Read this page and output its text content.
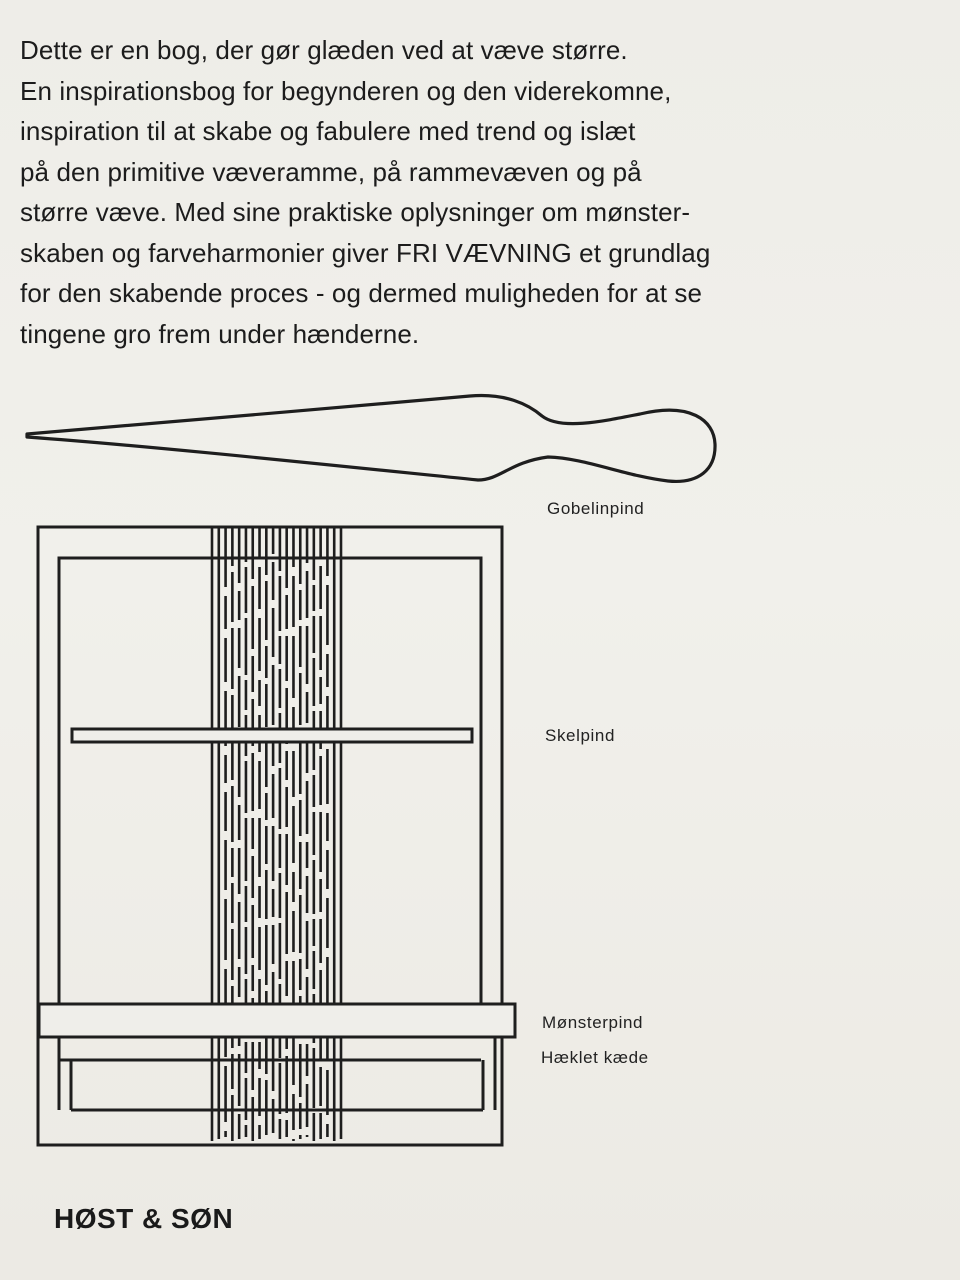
Dette er en bog, der gør glæden ved at væve større.
En inspirationsbog for begynderen og den viderekomne,
inspiration til at skabe og fabulere med trend og islæt
på den primitive væveramme, på rammevæven og på
større væve. Med sine praktiske oplysninger om mønster-
skaben og farveharmonier giver FRI VÆVNING et grundlag
for den skabende proces - og dermed muligheden for at se
tingene gro frem under hænderne.
Gobelinpind
Skelpind
Mønsterpind
Hæklet kæde
HØST & SØN
